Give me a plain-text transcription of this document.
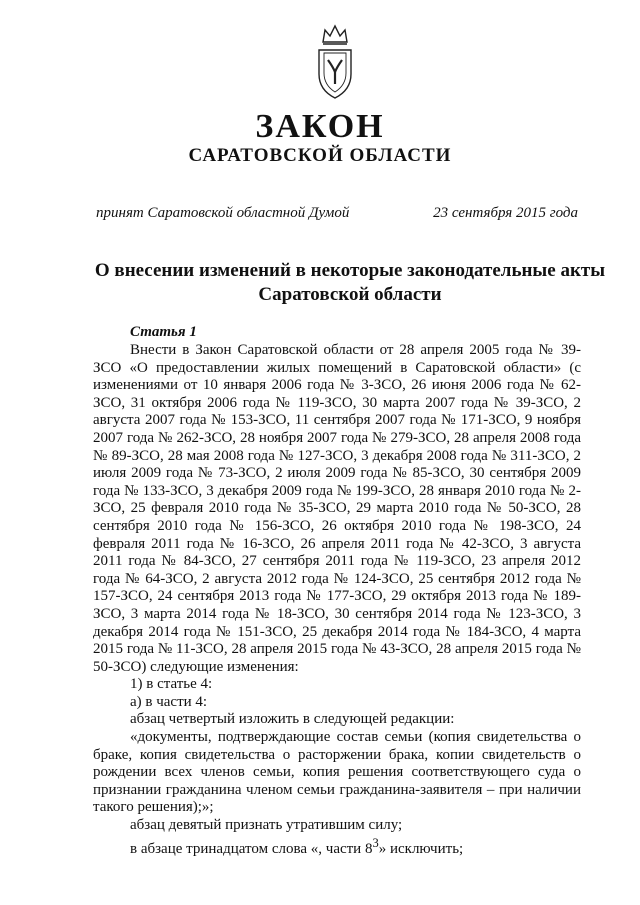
ЗАКОН
САРАТОВСКОЙ ОБЛАСТИ
принят Саратовской областной Думой	23 сентября 2015 года
О внесении изменений в некоторые законодательные акты Саратовской области
Статья 1

Внести в Закон Саратовской области от 28 апреля 2005 года № 39-ЗСО «О предоставлении жилых помещений в Саратовской области» (с изменениями от 10 января 2006 года № 3-ЗСО, 26 июня 2006 года № 62-ЗСО, 31 октября 2006 года № 119-ЗСО, 30 марта 2007 года № 39-ЗСО, 2 августа 2007 года № 153-ЗСО, 11 сентября 2007 года № 171-ЗСО, 9 ноября 2007 года № 262-ЗСО, 28 ноября 2007 года № 279-ЗСО, 28 апреля 2008 года № 89-ЗСО, 28 мая 2008 года № 127-ЗСО, 3 декабря 2008 года № 311-ЗСО, 2 июля 2009 года № 73-ЗСО, 2 июля 2009 года № 85-ЗСО, 30 сентября 2009 года № 133-ЗСО, 3 декабря 2009 года № 199-ЗСО, 28 января 2010 года № 2-ЗСО, 25 февраля 2010 года № 35-ЗСО, 29 марта 2010 года № 50-ЗСО, 28 сентября 2010 года № 156-ЗСО, 26 октября 2010 года № 198-ЗСО, 24 февраля 2011 года № 16-ЗСО, 26 апреля 2011 года № 42-ЗСО, 3 августа 2011 года № 84-ЗСО, 27 сентября 2011 года № 119-ЗСО, 23 апреля 2012 года № 64-ЗСО, 2 августа 2012 года № 124-ЗСО, 25 сентября 2012 года № 157-ЗСО, 24 сентября 2013 года № 177-ЗСО, 29 октября 2013 года № 189-ЗСО, 3 марта 2014 года № 18-ЗСО, 30 сентября 2014 года № 123-ЗСО, 3 декабря 2014 года № 151-ЗСО, 25 декабря 2014 года № 184-ЗСО, 4 марта 2015 года № 11-ЗСО, 28 апреля 2015 года № 43-ЗСО, 28 апреля 2015 года № 50-ЗСО) следующие изменения:

1) в статье 4:

а) в части 4:

абзац четвертый изложить в следующей редакции:

«документы, подтверждающие состав семьи (копия свидетельства о браке, копия свидетельства о расторжении брака, копии свидетельств о рождении всех членов семьи, копия решения соответствующего суда о признании гражданина членом семьи гражданина-заявителя – при наличии такого решения);»;

абзац девятый признать утратившим силу;

в абзаце тринадцатом слова «, части $8^3$» исключить;
